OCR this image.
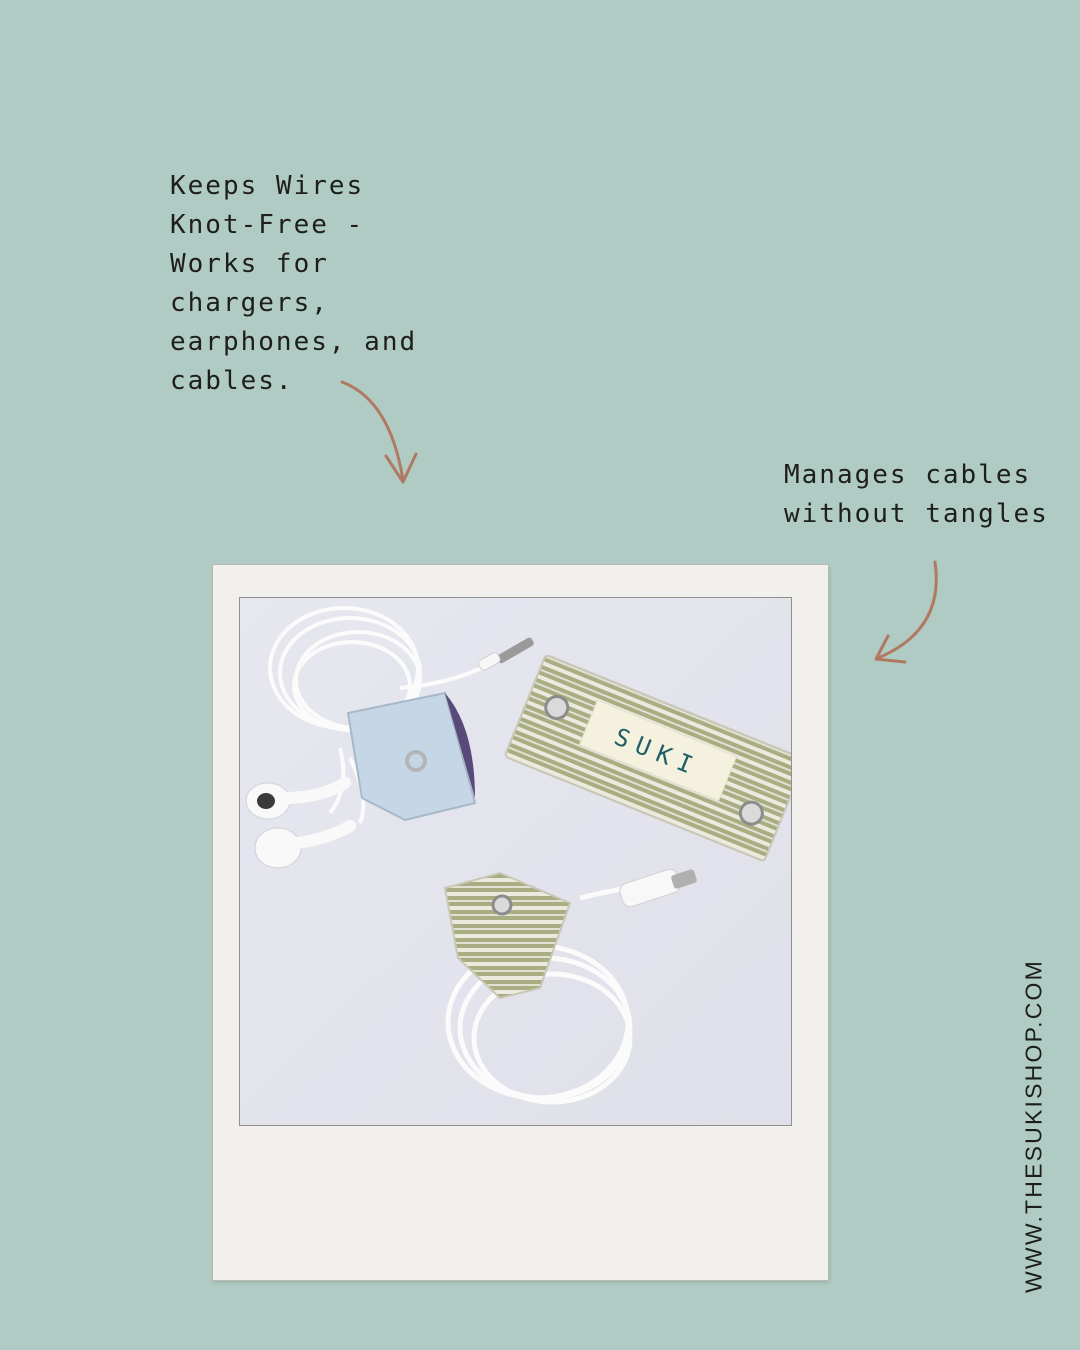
Keeps Wires
Knot-Free -
Works for
chargers,
earphones, and
cables.
Manages cables
without tangles
SUKI
WWW.THESUKISHOP.COM
